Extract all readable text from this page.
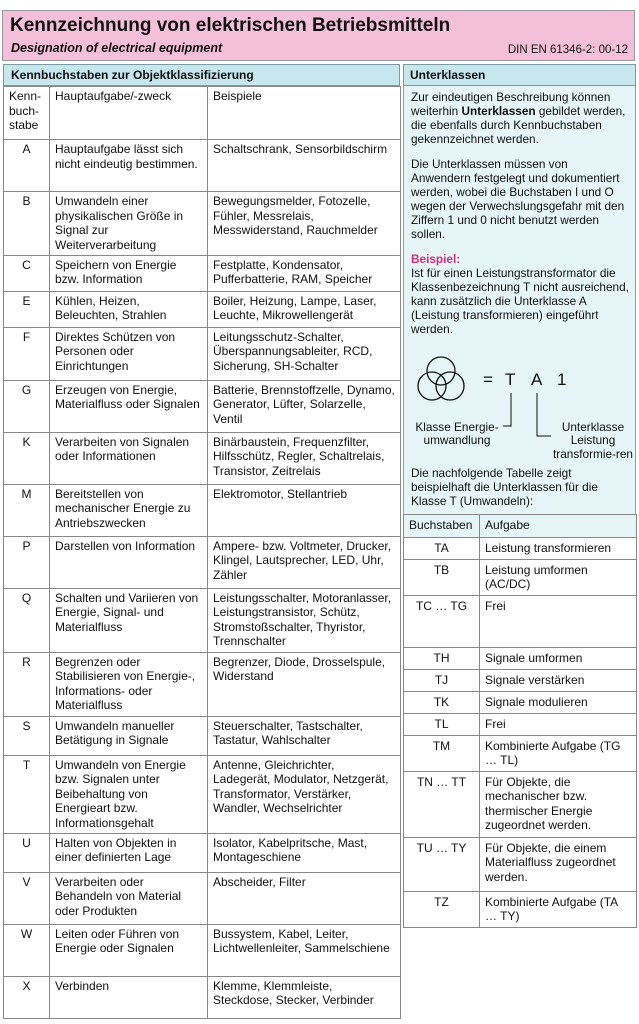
Kennzeichnung von elektrischen Betriebsmitteln
Designation of electrical equipment	DIN EN 61346-2: 00-12
Kennbuchstaben zur Objektklassifizierung
Kenn-buch-stabe	Hauptaufgabe/-zweck	Beispiele
A	Hauptaufgabe lässt sich nicht eindeutig bestimmen.	Schaltschrank, Sensorbildschirm
B	Umwandeln einer physikalischen Größe in Signal zur Weiterverarbeitung	Bewegungsmelder, Fotozelle, Fühler, Messrelais, Messwiderstand, Rauchmelder
C	Speichern von Energie bzw. Information	Festplatte, Kondensator, Pufferbatterie, RAM, Speicher
E	Kühlen, Heizen, Beleuchten, Strahlen	Boiler, Heizung, Lampe, Laser, Leuchte, Mikrowellengerät
F	Direktes Schützen von Personen oder Einrichtungen	Leitungsschutz-Schalter, Überspannungsableiter, RCD, Sicherung, SH-Schalter
G	Erzeugen von Energie, Materialfluss oder Signalen	Batterie, Brennstoffzelle, Dynamo, Generator, Lüfter, Solarzelle, Ventil
K	Verarbeiten von Signalen oder Informationen	Binärbaustein, Frequenzfilter, Hilfsschütz, Regler, Schaltrelais, Transistor, Zeitrelais
M	Bereitstellen von mechanischer Energie zu Antriebszwecken	Elektromotor, Stellantrieb
P	Darstellen von Information	Ampere- bzw. Voltmeter, Drucker, Klingel, Lautsprecher, LED, Uhr, Zähler
Q	Schalten und Variieren von Energie, Signal- und Materialfluss	Leistungsschalter, Motoranlasser, Leistungstransistor, Schütz, Stromstoßschalter, Thyristor, Trennschalter
R	Begrenzen oder Stabilisieren von Energie-, Informations- oder Materialfluss	Begrenzer, Diode, Drosselspule, Widerstand
S	Umwandeln manueller Betätigung in Signale	Steuerschalter, Tastschalter, Tastatur, Wahlschalter
T	Umwandeln von Energie bzw. Signalen unter Beibehaltung von Energieart bzw. Informationsgehalt	Antenne, Gleichrichter, Ladegerät, Modulator, Netzgerät, Transformator, Verstärker, Wandler, Wechselrichter
U	Halten von Objekten in einer definierten Lage	Isolator, Kabelpritsche, Mast, Montageschiene
V	Verarbeiten oder Behandeln von Material oder Produkten	Abscheider, Filter
W	Leiten oder Führen von Energie oder Signalen	Bussystem, Kabel, Leiter, Lichtwellenleiter, Sammelschiene
X	Verbinden	Klemme, Klemmleiste, Steckdose, Stecker, Verbinder
Unterklassen

Zur eindeutigen Beschreibung können weiterhin Unterklassen gebildet werden, die ebenfalls durch Kennbuchstaben gekennzeichnet werden.

Die Unterklassen müssen von Anwendern festgelegt und dokumentiert werden, wobei die Buchstaben I und O wegen der Verwechslungsgefahr mit den Ziffern 1 und 0 nicht benutzt werden sollen.

Beispiel:

Ist für einen Leistungstransformator die Klassenbezeichnung T nicht ausreichend, kann zusätzlich die Unterklasse A (Leistung transformieren) eingeführt werden.

= T A 1
Klasse Energie-umwandlung
Unterklasse Leistung transformie-ren

Die nachfolgende Tabelle zeigt beispielhaft die Unterklassen für die Klasse T (Umwandeln):

Buchstaben	Aufgabe
TA	Leistung transformieren
TB	Leistung umformen (AC/DC)
TC … TG	Frei
TH	Signale umformen
TJ	Signale verstärken
TK	Signale modulieren
TL	Frei
TM	Kombinierte Aufgabe (TG … TL)
TN … TT	Für Objekte, die mechanischer bzw. thermischer Energie zugeordnet werden.
TU … TY	Für Objekte, die einem Materialfluss zugeordnet werden.
TZ	Kombinierte Aufgabe (TA … TY)
